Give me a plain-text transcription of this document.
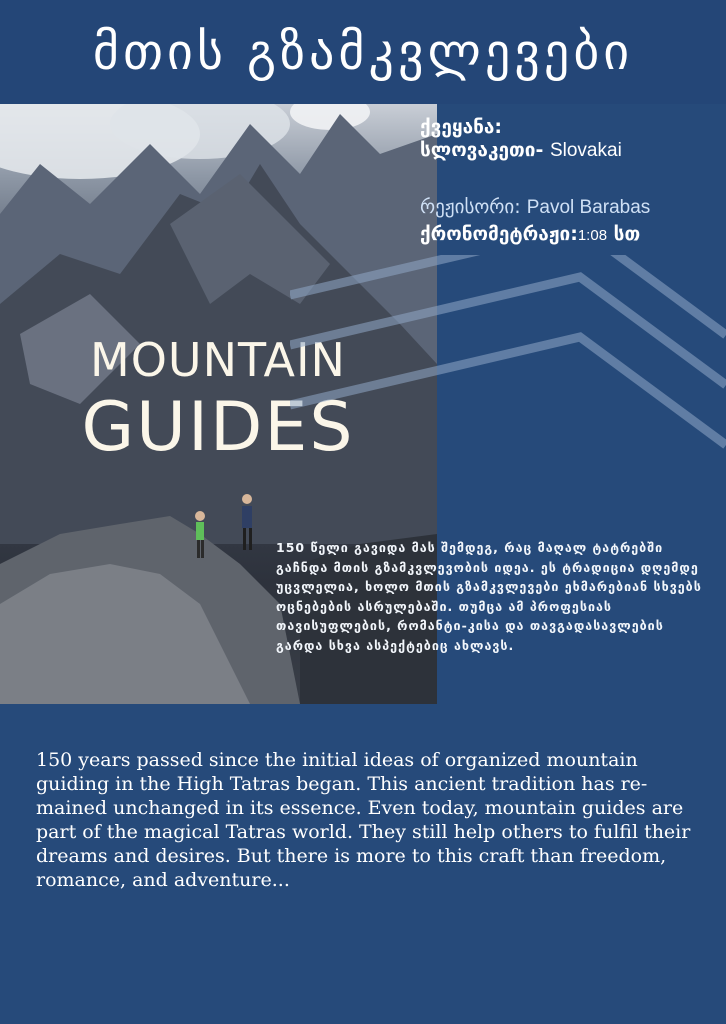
მთის გზამკვლევები
MOUNTAIN
GUIDES
ქვეყანა:
სლოვაკეთი- Slovakai
რეჟისორი: Pavol Barabas
ქრონომეტრაჟი:1:08 სთ
150 წელი გავიდა მას შემდეგ, რაც მაღალ ტატრებში გაჩნდა მთის გზამკვლევობის იდეა. ეს ტრადიცია დღემდე უცვლელია, ხოლო მთის გზამკვლევები ეხმარებიან სხვებს ოცნებების ასრულებაში. თუმცა ამ პროფესიას თავისუფლების, რომანტი-კისა და თავგადასავლების გარდა სხვა ასპექტებიც ახლავს.
150 years passed since the initial ideas of organized mountain guiding in the High Tatras began. This ancient tradition has re-mained unchanged in its essence. Even today, mountain guides are part of the magical Tatras world. They still help others to fulfil their dreams and desires. But there is more to this craft than freedom, romance, and adventure...
